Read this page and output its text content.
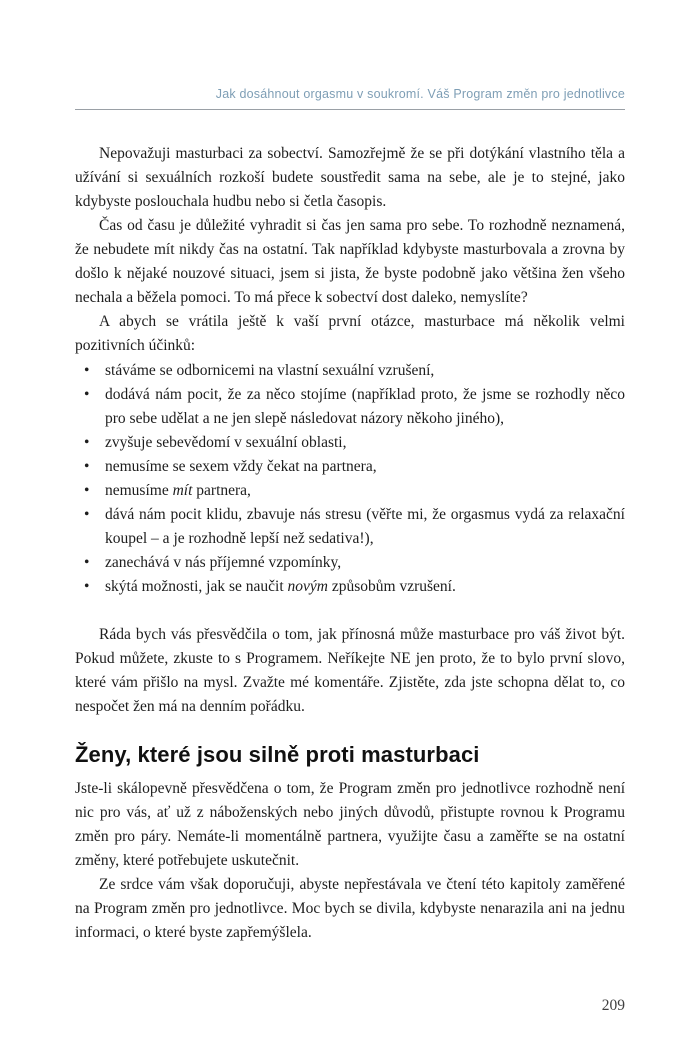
Jak dosáhnout orgasmu v soukromí. Váš Program změn pro jednotlivce

Nepovažuji masturbaci za sobectví. Samozřejmě že se při dotýkání vlastního těla a užívání si sexuálních rozkoší budete soustředit sama na sebe, ale je to stejné, jako kdybyste poslouchala hudbu nebo si četla časopis.

Čas od času je důležité vyhradit si čas jen sama pro sebe. To rozhodně neznamená, že nebudete mít nikdy čas na ostatní. Tak například kdybyste masturbovala a zrovna by došlo k nějaké nouzové situaci, jsem si jista, že byste podobně jako většina žen všeho nechala a běžela pomoci. To má přece k sobectví dost daleko, nemyslíte?

A abych se vrátila ještě k vaší první otázce, masturbace má několik velmi pozitivních účinků:

• stáváme se odbornicemi na vlastní sexuální vzrušení,
• dodává nám pocit, že za něco stojíme (například proto, že jsme se rozhodly něco pro sebe udělat a ne jen slepě následovat názory někoho jiného),
• zvyšuje sebevědomí v sexuální oblasti,
• nemusíme se sexem vždy čekat na partnera,
• nemusíme mít partnera,
• dává nám pocit klidu, zbavuje nás stresu (věřte mi, že orgasmus vydá za relaxační koupel – a je rozhodně lepší než sedativa!),
• zanechává v nás příjemné vzpomínky,
• skýtá možnosti, jak se naučit novým způsobům vzrušení.

Ráda bych vás přesvědčila o tom, jak přínosná může masturbace pro váš život být. Pokud můžete, zkuste to s Programem. Neříkejte NE jen proto, že to bylo první slovo, které vám přišlo na mysl. Zvažte mé komentáře. Zjistěte, zda jste schopna dělat to, co nespočet žen má na denním pořádku.

Ženy, které jsou silně proti masturbaci

Jste-li skálopevně přesvědčena o tom, že Program změn pro jednotlivce rozhodně není nic pro vás, ať už z náboženských nebo jiných důvodů, přistupte rovnou k Programu změn pro páry. Nemáte-li momentálně partnera, využijte času a zaměřte se na ostatní změny, které potřebujete uskutečnit.

Ze srdce vám však doporučuji, abyste nepřestávala ve čtení této kapitoly zaměřené na Program změn pro jednotlivce. Moc bych se divila, kdybyste nenarazila ani na jednu informaci, o které byste zapřemýšlela.

209
